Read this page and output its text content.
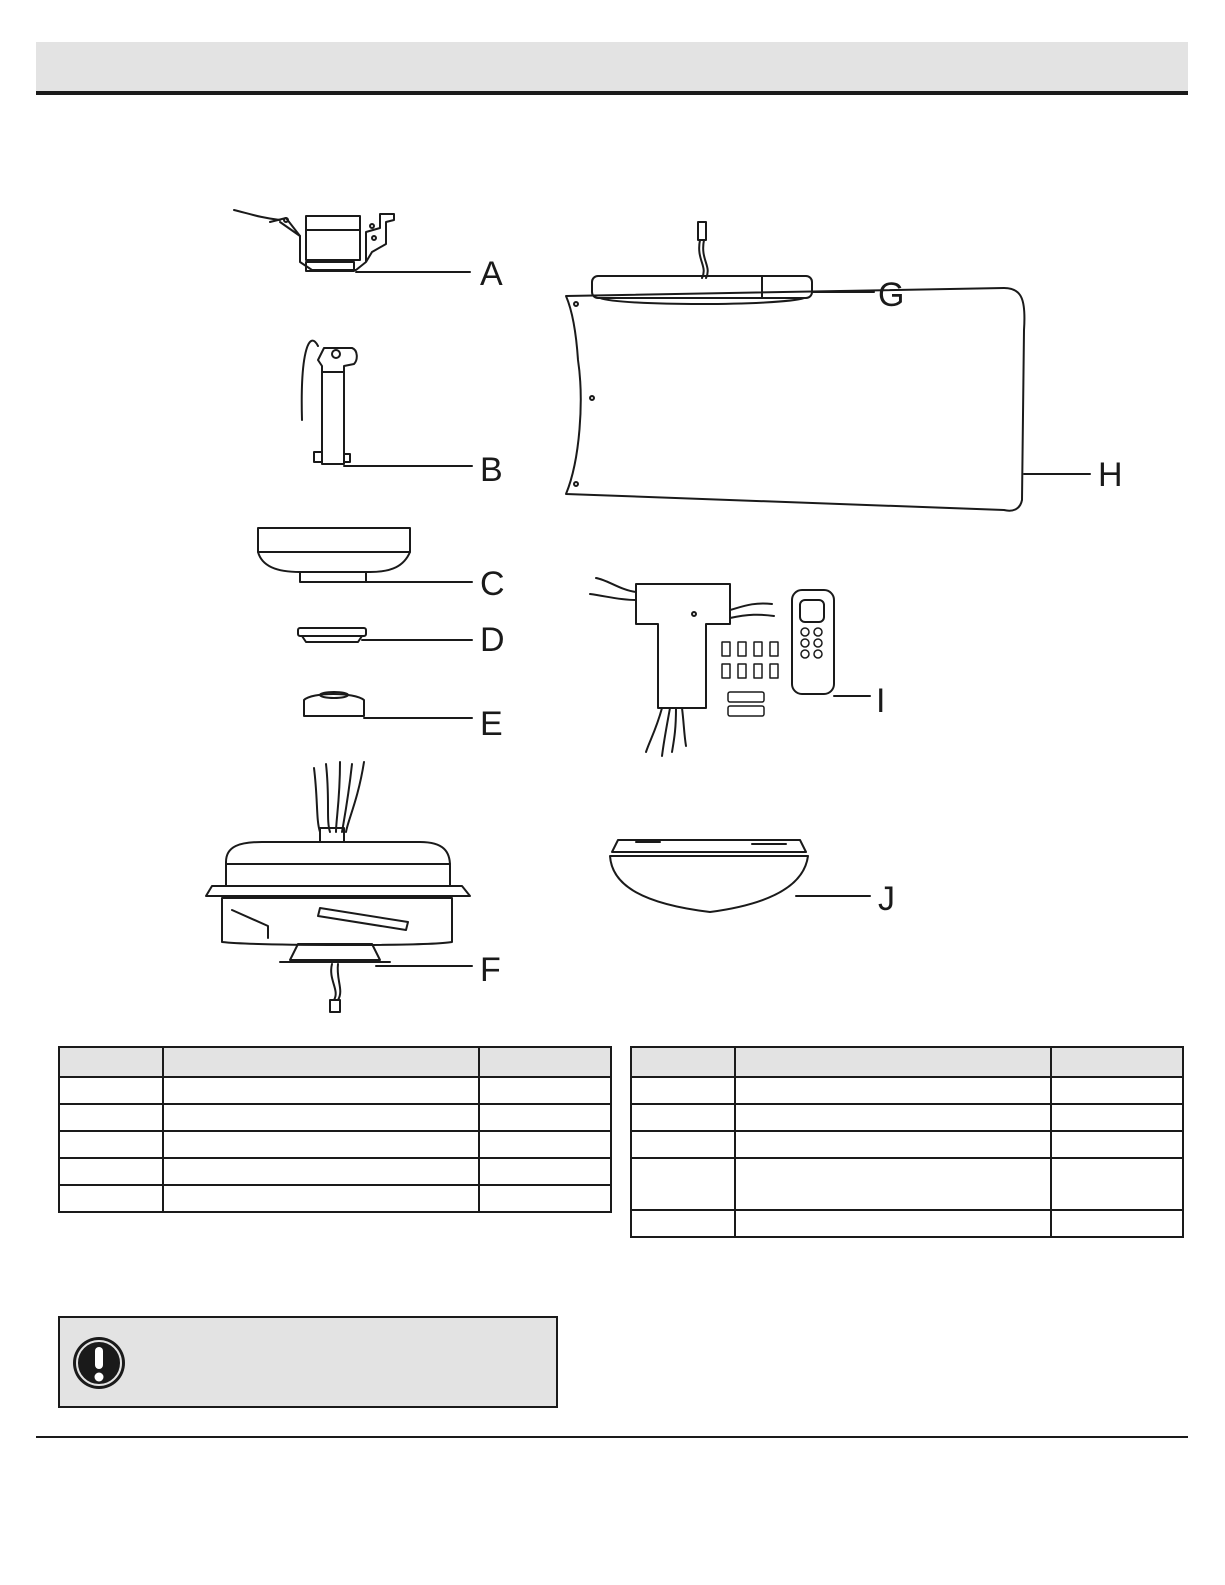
A
B
C
D
E
F
G
H
I
J
